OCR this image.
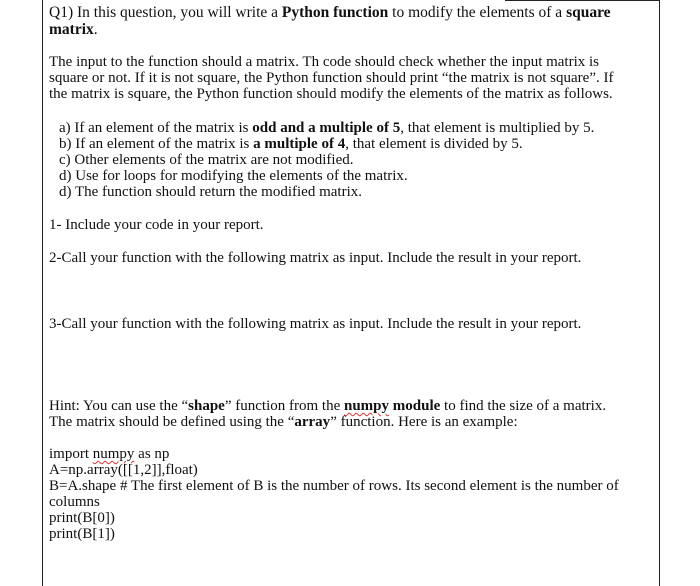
Q1) In this question, you will write a Python function to modify the elements of a square matrix.

The input to the function should a matrix. Th code should check whether the input matrix is

square or not. If it is not square, the Python function should print “the matrix is not square”. If

the matrix is square, the Python function should modify the elements of the matrix as follows.

a) If an element of the matrix is odd and a multiple of 5, that element is multiplied by 5.

b) If an element of the matrix is a multiple of 4, that element is divided by 5.

c) Other elements of the matrix are not modified.

d) Use for loops for modifying the elements of the matrix.

d) The function should return the modified matrix.

1- Include your code in your report.

2-Call your function with the following matrix as input. Include the result in your report.

3-Call your function with the following matrix as input. Include the result in your report.

Hint: You can use the “shape” function from the numpy module to find the size of a matrix.

The matrix should be defined using the “array” function. Here is an example:

import numpy as np

A=np.array([[1,2]],float)

B=A.shape # The first element of B is the number of rows. Its second element is the number of

columns

print(B[0])

print(B[1])
